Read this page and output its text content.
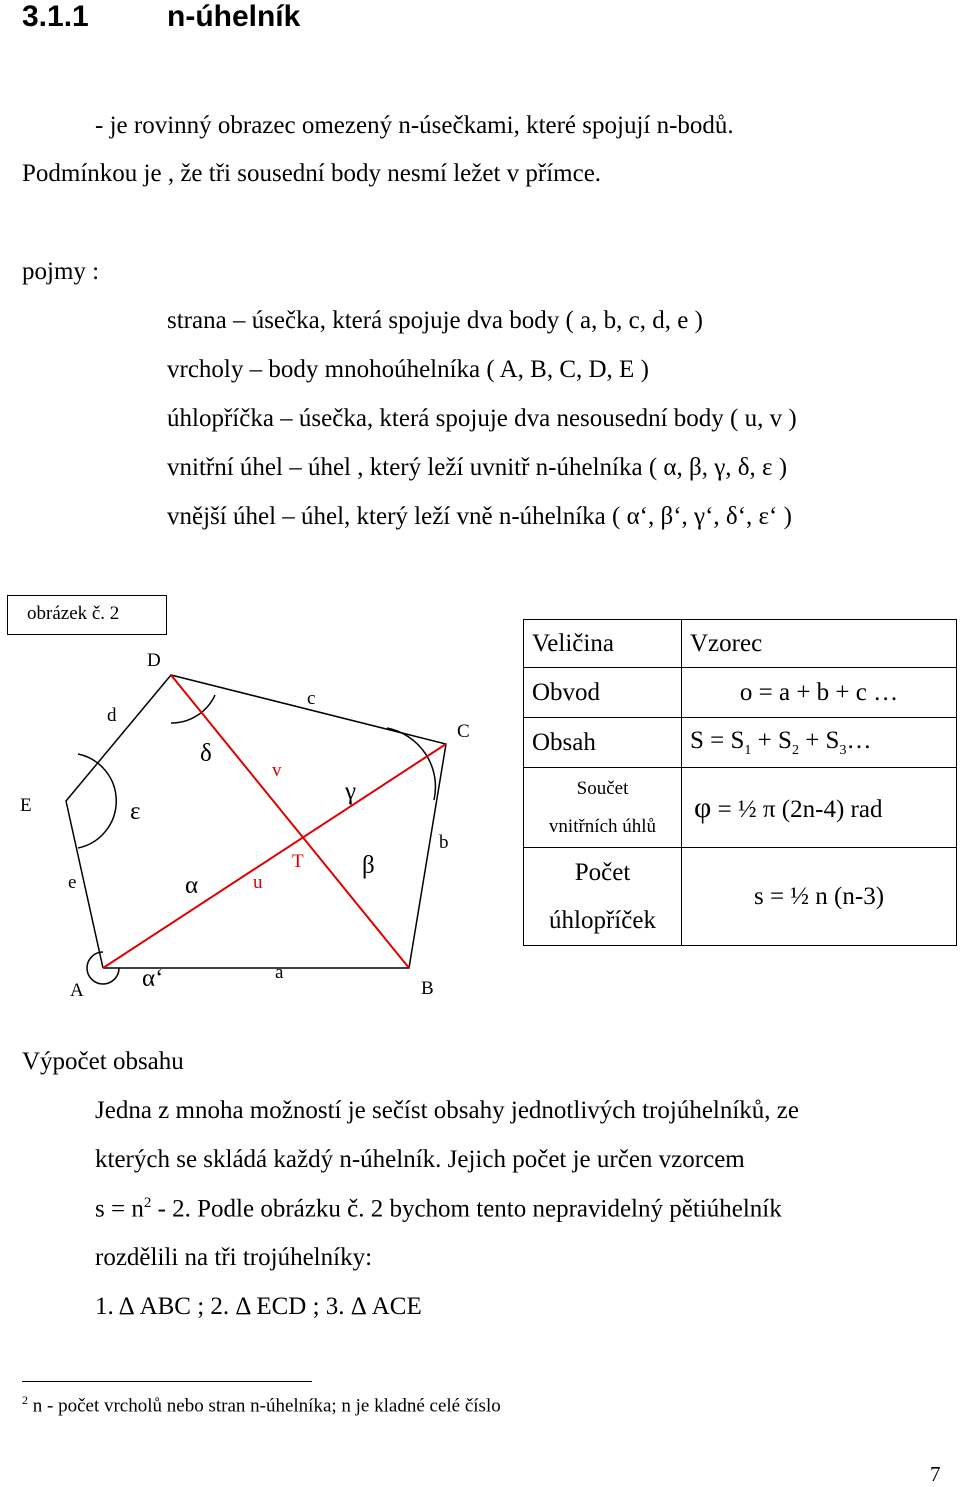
3.1.1	n-úhelník
- je rovinný obrazec omezený n-úsečkami, které spojují n-bodů.
Podmínkou je , že tři sousední body nesmí ležet v přímce.
pojmy :
strana – úsečka, která spojuje dva body ( a, b, c, d, e )
vrcholy – body mnohoúhelníka ( A, B, C, D, E )
úhlopříčka – úsečka, která spojuje dva nesousední body ( u, v )
vnitřní úhel – úhel , který leží uvnitř n-úhelníka ( α, β, γ, δ, ε )
vnější úhel – úhel, který leží vně n-úhelníka ( α‘, β‘, γ‘, δ‘, ε‘ )
obrázek č. 2
A	B
C
D
E
a
b
c
d
e	u
v
T
α
β
γ
δ
ε
α‘
Veličina	Vzorec
Obvod	o = a + b + c …
Obsah	$S = S_1 + S_2$ + $S_3\dots$

Součet
vnitřních úhlů	φ = ½ π (2n-4) rad

Počet
úhlopříček	s = ½ n (n-3)
Výpočet obsahu
Jedna z mnoha možností je sečíst obsahy jednotlivých trojúhelníků, ze
kterých se skládá každý n-úhelník. Jejich počet je určen vzorcem
$s = n^2 - 2$. Podle obrázku č. 2 bychom tento nepravidelný pětiúhelník
rozdělili na tři trojúhelníky:
1. Δ ABC ; 2. Δ ECD ; 3. Δ ACE
$^2$ n - počet vrcholů nebo stran n-úhelníka; n je kladné celé číslo
7
